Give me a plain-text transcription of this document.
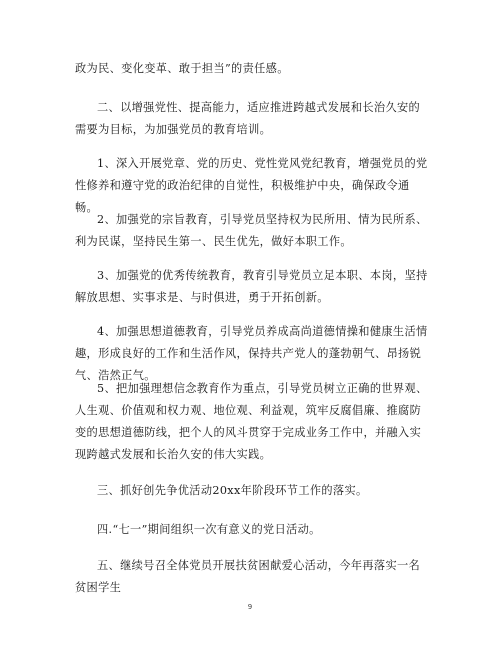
政为民、变化变革、敢于担当”的责任感。

二、以增强党性、提高能力，适应推进跨越式发展和长治久安的需要为目标，为加强党员的教育培训。

1、深入开展党章、党的历史、党性党风党纪教育，增强党员的党性修养和遵守党的政治纪律的自觉性，积极维护中央，确保政令通畅。

2、加强党的宗旨教育，引导党员坚持权为民所用、情为民所系、利为民谋，坚持民生第一、民生优先，做好本职工作。

3、加强党的优秀传统教育，教育引导党员立足本职、本岗，坚持解放思想、实事求是、与时俱进，勇于开拓创新。

4、加强思想道德教育，引导党员养成高尚道德情操和健康生活情趣，形成良好的工作和生活作风，保持共产党人的蓬勃朝气、昂扬锐气、浩然正气。

5、把加强理想信念教育作为重点，引导党员树立正确的世界观、人生观、价值观和权力观、地位观、利益观，筑牢反腐倡廉、推腐防变的思想道德防线，把个人的风斗贯穿于完成业务工作中，并融入实现跨越式发展和长治久安的伟大实践。

三、抓好创先争优活动20xx年阶段环节工作的落实。

四.“七一”期间组织一次有意义的党日活动。

五、继续号召全体党员开展扶贫困献爱心活动，今年再落实一名贫困学生

9
